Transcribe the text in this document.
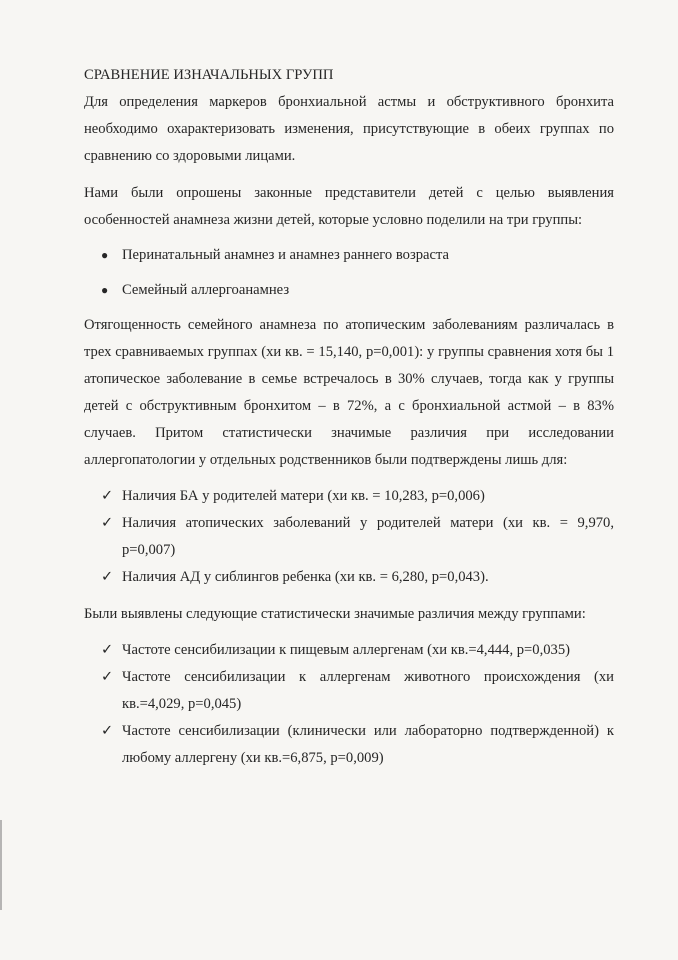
СРАВНЕНИЕ ИЗНАЧАЛЬНЫХ ГРУПП

Для определения маркеров бронхиальной астмы и обструктивного бронхита необходимо охарактеризовать изменения, присутствующие в обеих группах по сравнению со здоровыми лицами.

Нами были опрошены законные представители детей с целью выявления особенностей анамнеза жизни детей, которые условно поделили на три группы:

● Перинатальный анамнез и анамнез раннего возраста
● Семейный аллергоанамнез

Отягощенность семейного анамнеза по атопическим заболеваниям различалась в трех сравниваемых группах (хи кв. = 15,140, р=0,001): у группы сравнения хотя бы 1 атопическое заболевание в семье встречалось в 30% случаев, тогда как у группы детей с обструктивным бронхитом – в 72%, а с бронхиальной астмой – в 83% случаев. Притом статистически значимые различия при исследовании аллергопатологии у отдельных родственников были подтверждены лишь для:

✓ Наличия БА у родителей матери (хи кв. = 10,283, р=0,006)
✓ Наличия атопических заболеваний у родителей матери (хи кв. = 9,970, р=0,007)
✓ Наличия АД у сиблингов ребенка (хи кв. = 6,280, р=0,043).

Были выявлены следующие статистически значимые различия между группами:

✓ Частоте сенсибилизации к пищевым аллергенам (хи кв.=4,444, р=0,035)
✓ Частоте сенсибилизации к аллергенам животного происхождения (хи кв.=4,029, р=0,045)
✓ Частоте сенсибилизации (клинически или лабораторно подтвержденной) к любому аллергену (хи кв.=6,875, р=0,009)
